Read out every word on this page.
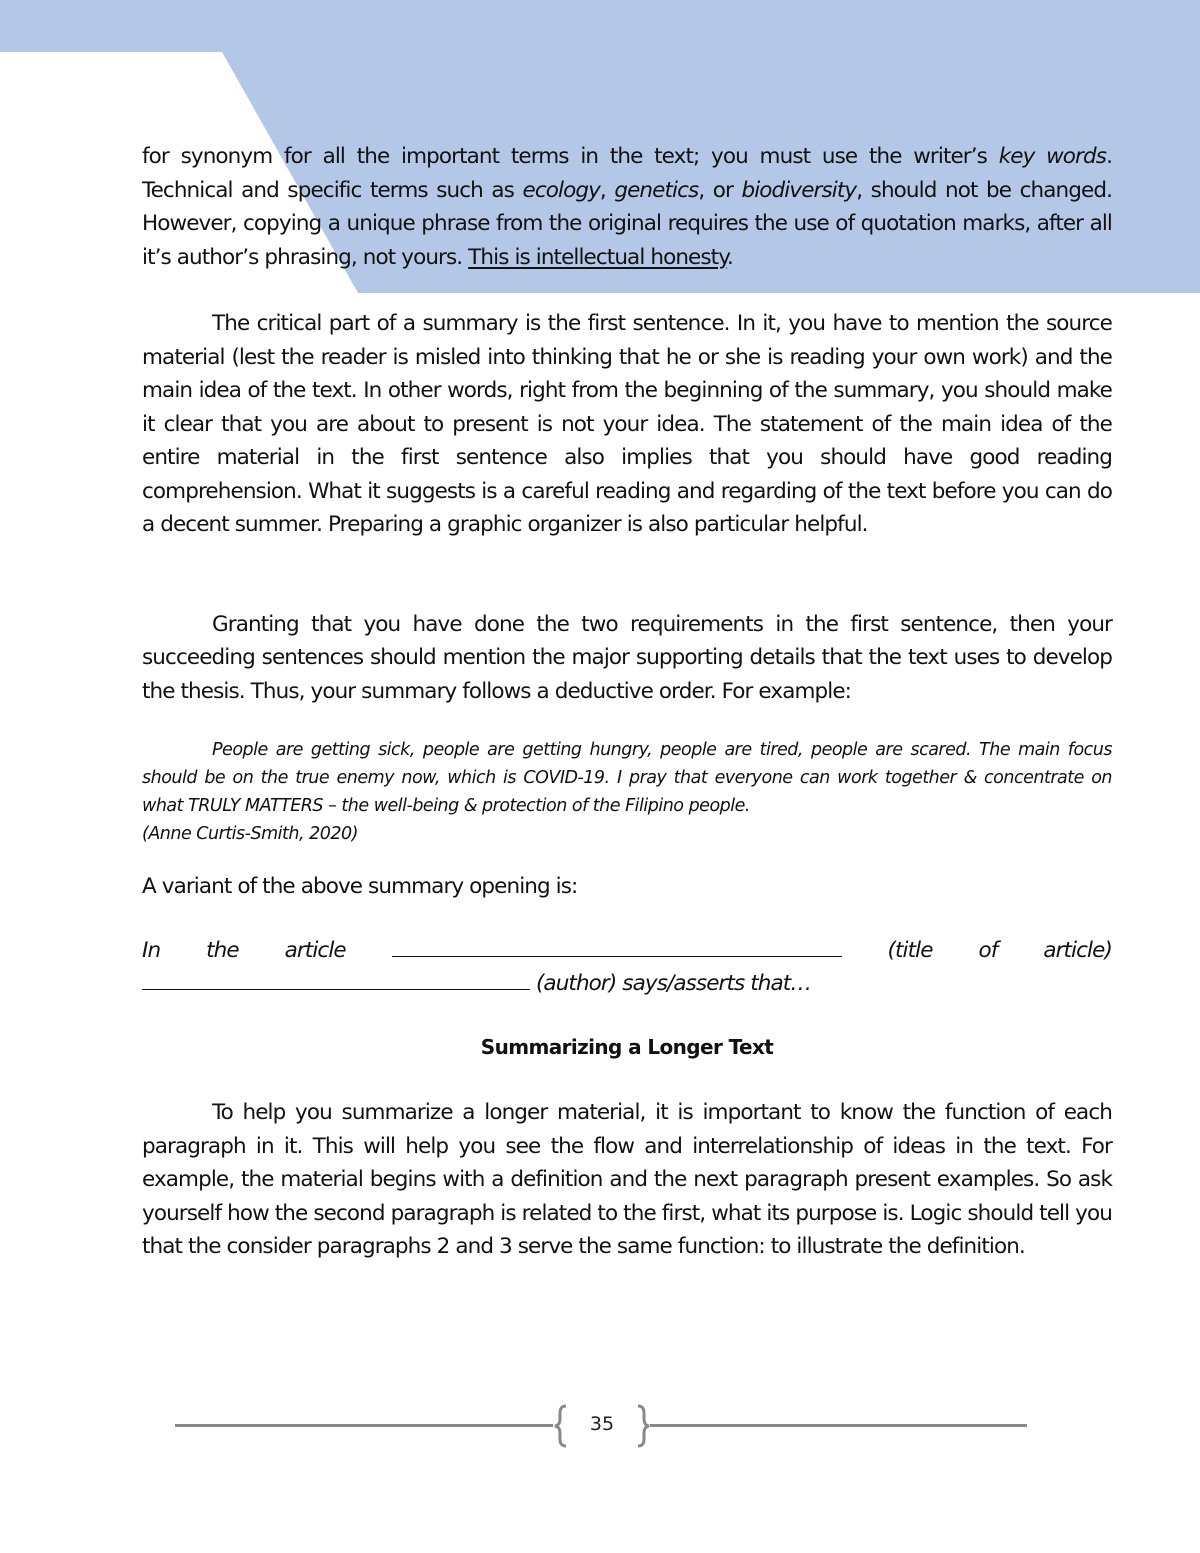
for synonym for all the important terms in the text; you must use the writer’s key words. Technical and specific terms such as ecology, genetics, or biodiversity, should not be changed. However, copying a unique phrase from the original requires the use of quotation marks, after all it’s author’s phrasing, not yours. This is intellectual honesty.

The critical part of a summary is the first sentence. In it, you have to mention the source material (lest the reader is misled into thinking that he or she is reading your own work) and the main idea of the text. In other words, right from the beginning of the summary, you should make it clear that you are about to present is not your idea. The statement of the main idea of the entire material in the first sentence also implies that you should have good reading comprehension. What it suggests is a careful reading and regarding of the text before you can do a decent summer. Preparing a graphic organizer is also particular helpful.

Granting that you have done the two requirements in the first sentence, then your succeeding sentences should mention the major supporting details that the text uses to develop the thesis. Thus, your summary follows a deductive order. For example:

People are getting sick, people are getting hungry, people are tired, people are scared. The main focus should be on the true enemy now, which is COVID-19. I pray that everyone can work together & concentrate on what TRULY MATTERS – the well-being & protection of the Filipino people.
(Anne Curtis-Smith, 2020)

A variant of the above summary opening is:

In the article	(title of article)
(author) says/asserts that…
Summarizing a Longer Text

To help you summarize a longer material, it is important to know the function of each paragraph in it. This will help you see the flow and interrelationship of ideas in the text. For example, the material begins with a definition and the next paragraph present examples. So ask yourself how the second paragraph is related to the first, what its purpose is. Logic should tell you that the consider paragraphs 2 and 3 serve the same function: to illustrate the definition.

35
